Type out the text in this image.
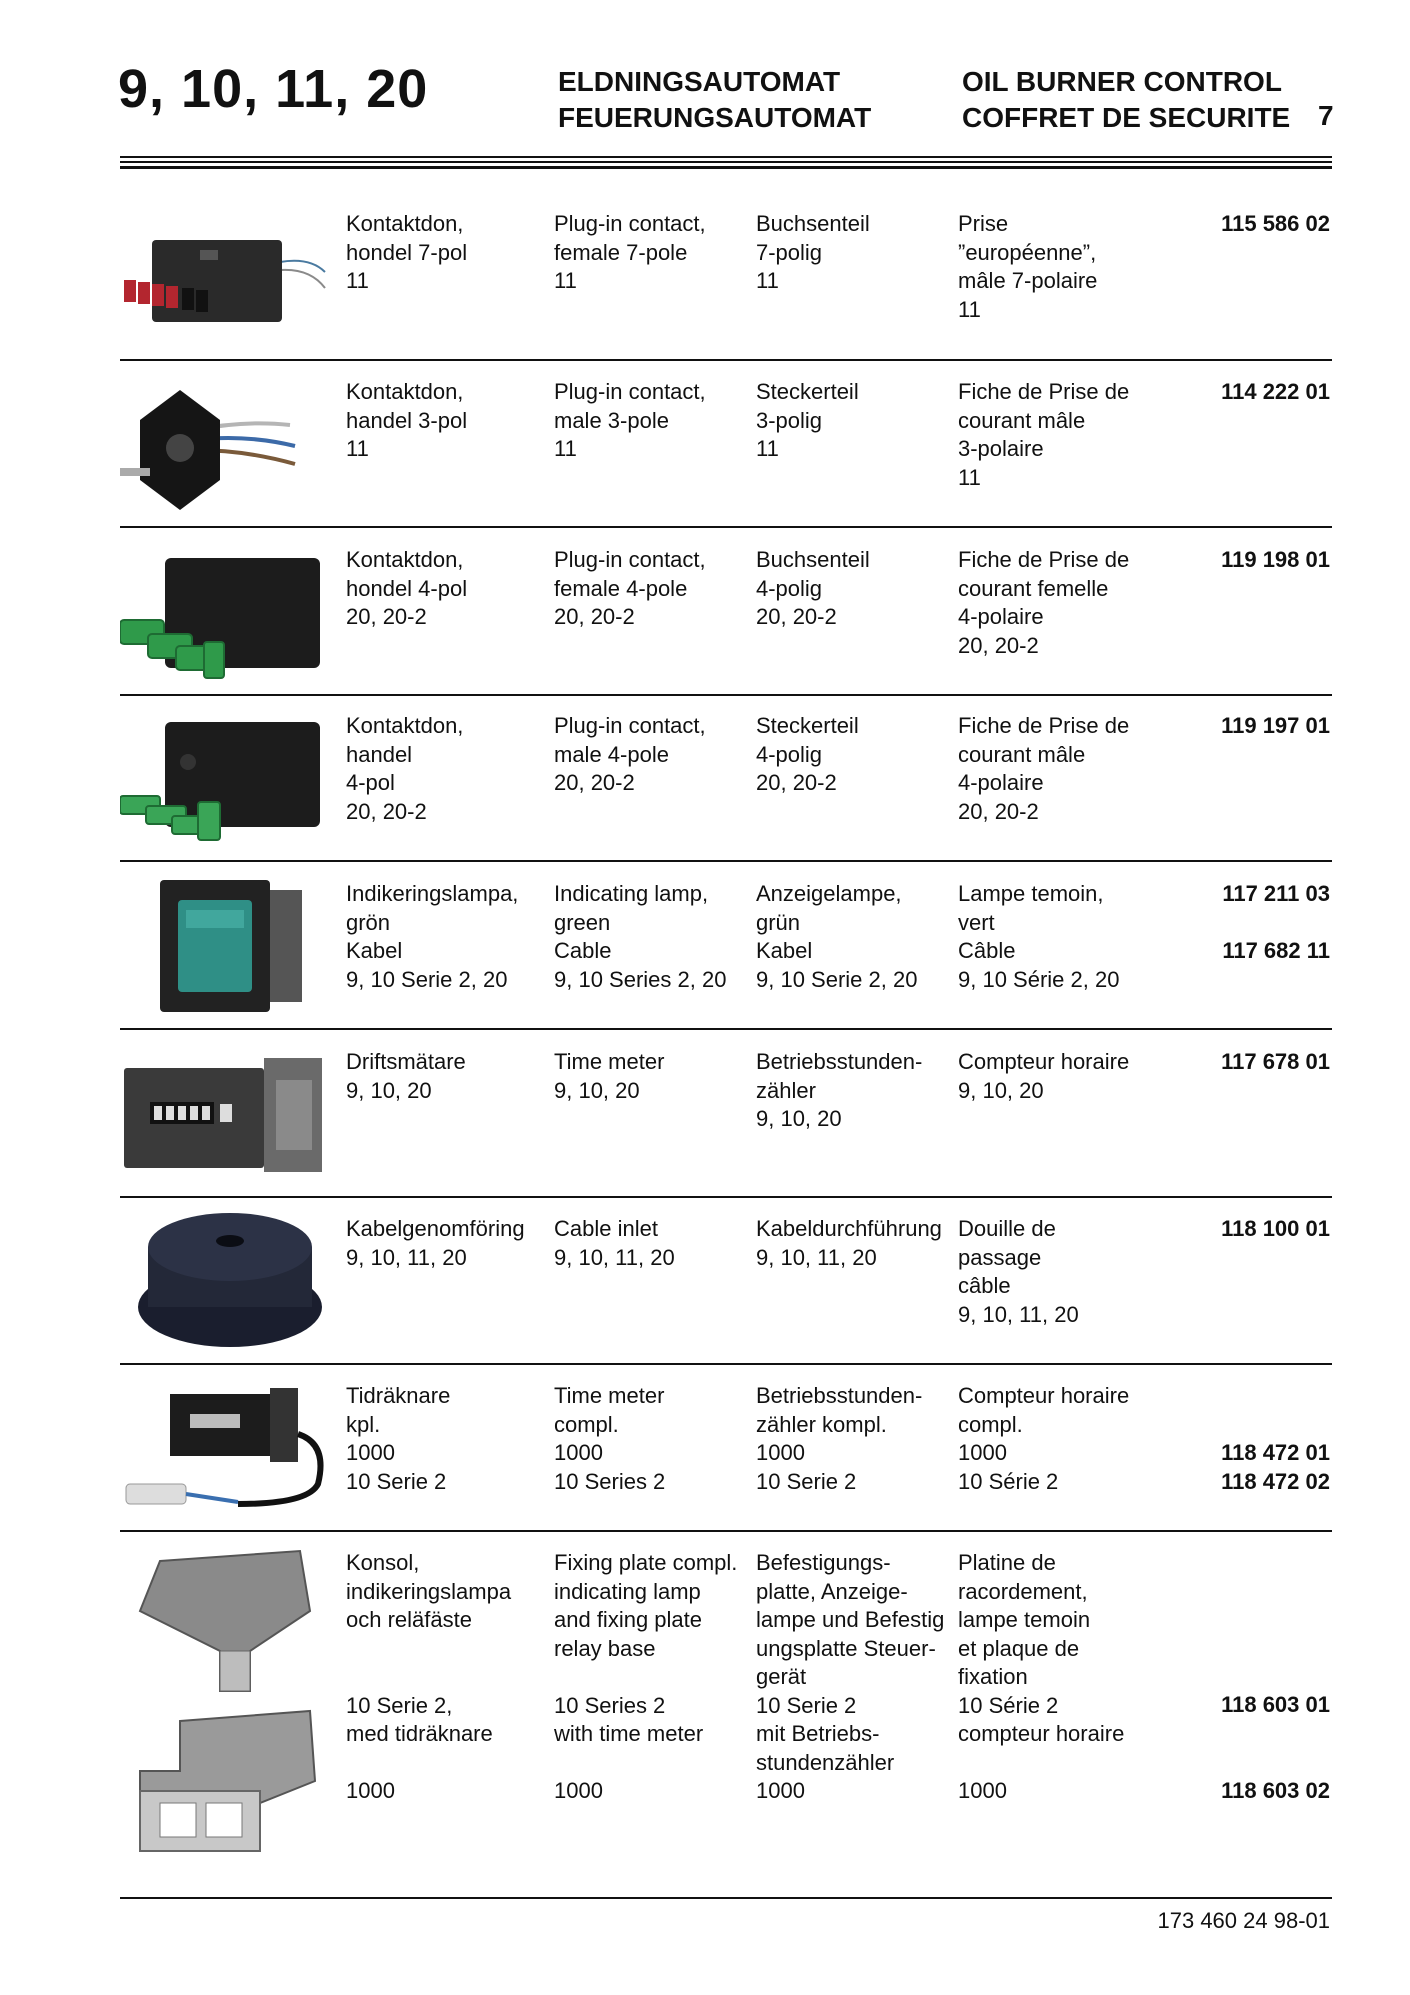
9, 10, 11, 20	ELDNINGSAUTOMAT
FEUERUNGSAUTOMAT
OIL BURNER CONTROL
COFFRET DE SECURITE 7
Kontaktdon,
hondel 7-pol
11
Plug-in contact,
female 7-pole
11
Buchsenteil
7-polig
11
Prise
”européenne”,
mâle 7-polaire
11
115 586 02
Kontaktdon,
handel 3-pol
11
Plug-in contact,
male 3-pole
11
Steckerteil
3-polig
11
Fiche de Prise de
courant mâle
3-polaire
11
114 222 01
Kontaktdon,
hondel 4-pol
20, 20-2
Plug-in contact,
female 4-pole
20, 20-2
Buchsenteil
4-polig
20, 20-2
Fiche de Prise de
courant femelle
4-polaire
20, 20-2
119 198 01
Kontaktdon,
handel
4-pol
20, 20-2
Plug-in contact,
male 4-pole
20, 20-2
Steckerteil
4-polig
20, 20-2
Fiche de Prise de
courant mâle
4-polaire
20, 20-2
119 197 01
Indikeringslampa,
grön
Kabel
9, 10 Serie 2, 20
Indicating lamp,
green
Cable
9, 10 Series 2, 20
Anzeigelampe,
grün
Kabel
9, 10 Serie 2, 20
Lampe temoin,
vert
Câble
9, 10 Série 2, 20
117 211 03
117 682 11
Driftsmätare
9, 10, 20
Time meter
9, 10, 20
Betriebsstunden-
zähler
9, 10, 20
Compteur horaire
9, 10, 20
117 678 01
Kabelgenomföring
9, 10, 11, 20
Cable inlet
9, 10, 11, 20
Kabeldurchführung
9, 10, 11, 20
Douille de
passage
câble
9, 10, 11, 20
118 100 01
Tidräknare
kpl.
1000
10 Serie 2
Time meter
compl.
1000
10 Series 2
Betriebsstunden-
zähler kompl.
1000
10 Serie 2
Compteur horaire
compl.
1000
10 Série 2
118 472 01
118 472 02
Konsol,
indikeringslampa
och reläfäste

10 Serie 2,
med tidräknare

1000
Fixing plate compl.
indicating lamp
and fixing plate
relay base

10 Series 2
with time meter

1000
Befestigungs-
platte, Anzeige-
lampe und Befestig
ungsplatte Steuer-
gerät
10 Serie 2
mit Betriebs-
stundenzähler
1000
Platine de
racordement,
lampe temoin
et plaque de
fixation
10 Série 2
compteur horaire

1000
118 603 01
118 603 02
173 460 24 98-01
